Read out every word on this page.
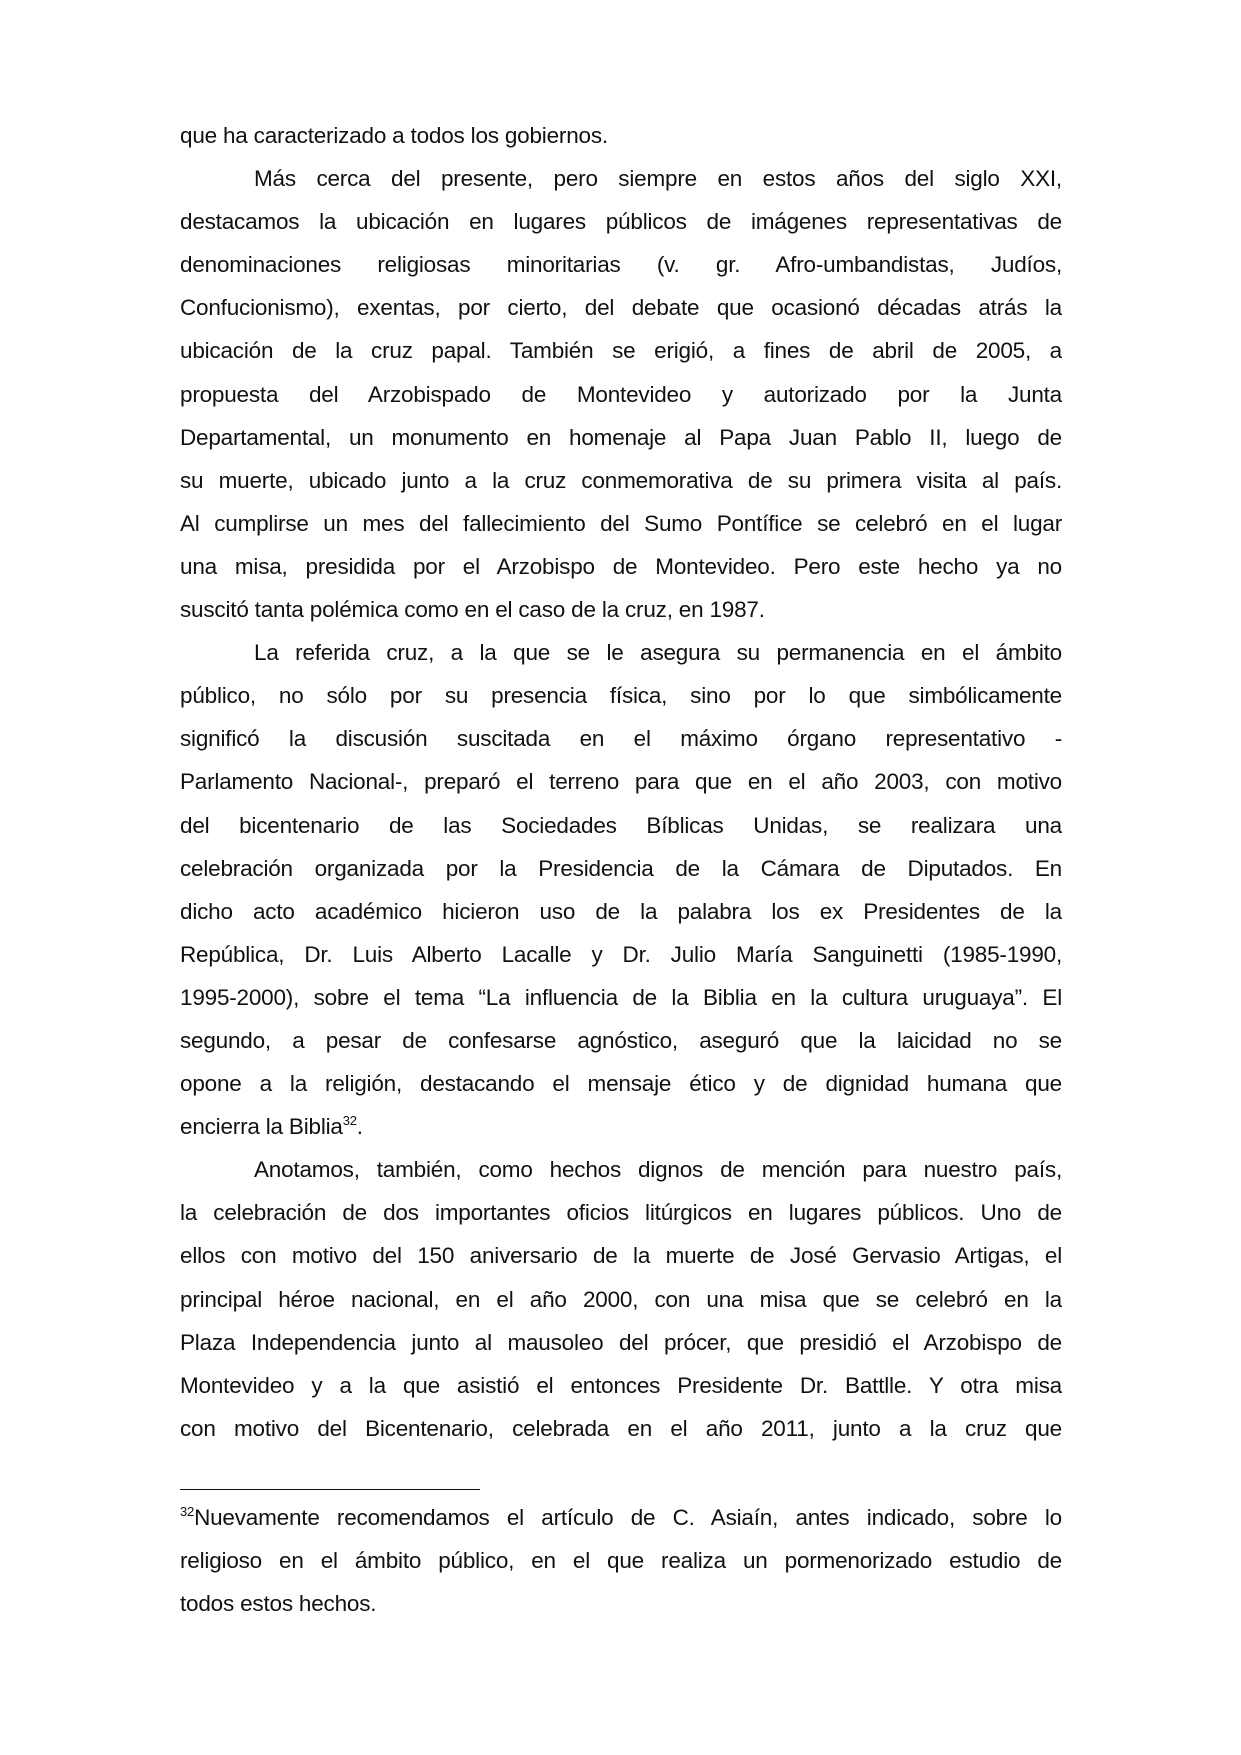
que ha caracterizado a todos los gobiernos.
Más cerca del presente, pero siempre en estos años del siglo XXI,
destacamos la ubicación en lugares públicos de imágenes representativas de
denominaciones religiosas minoritarias (v. gr. Afro-umbandistas, Judíos,
Confucionismo), exentas, por cierto, del debate que ocasionó décadas atrás la
ubicación de la cruz papal. También se erigió, a fines de abril de 2005, a
propuesta del Arzobispado de Montevideo y autorizado por la Junta
Departamental, un monumento en homenaje al Papa Juan Pablo II, luego de
su muerte, ubicado junto a la cruz conmemorativa de su primera visita al país.
Al cumplirse un mes del fallecimiento del Sumo Pontífice se celebró en el lugar
una misa, presidida por el Arzobispo de Montevideo. Pero este hecho ya no
suscitó tanta polémica como en el caso de la cruz, en 1987.
La referida cruz, a la que se le asegura su permanencia en el ámbito
público, no sólo por su presencia física, sino por lo que simbólicamente
significó la discusión suscitada en el máximo órgano representativo -
Parlamento Nacional-, preparó el terreno para que en el año 2003, con motivo
del bicentenario de las Sociedades Bíblicas Unidas, se realizara una
celebración organizada por la Presidencia de la Cámara de Diputados. En
dicho acto académico hicieron uso de la palabra los ex Presidentes de la
República, Dr. Luis Alberto Lacalle y Dr. Julio María Sanguinetti (1985-1990,
1995-2000), sobre el tema “La influencia de la Biblia en la cultura uruguaya”. El
segundo, a pesar de confesarse agnóstico, aseguró que la laicidad no se
opone a la religión, destacando el mensaje ético y de dignidad humana que
encierra la Biblia$^{32}$.
Anotamos, también, como hechos dignos de mención para nuestro país,
la celebración de dos importantes oficios litúrgicos en lugares públicos. Uno de
ellos con motivo del 150 aniversario de la muerte de José Gervasio Artigas, el
principal héroe nacional, en el año 2000, con una misa que se celebró en la
Plaza Independencia junto al mausoleo del prócer, que presidió el Arzobispo de
Montevideo y a la que asistió el entonces Presidente Dr. Battlle. Y otra misa
con motivo del Bicentenario, celebrada en el año 2011, junto a la cruz que
$^{32}$Nuevamente recomendamos el artículo de C. Asiaín, antes indicado, sobre lo
religioso en el ámbito público, en el que realiza un pormenorizado estudio de
todos estos hechos.
